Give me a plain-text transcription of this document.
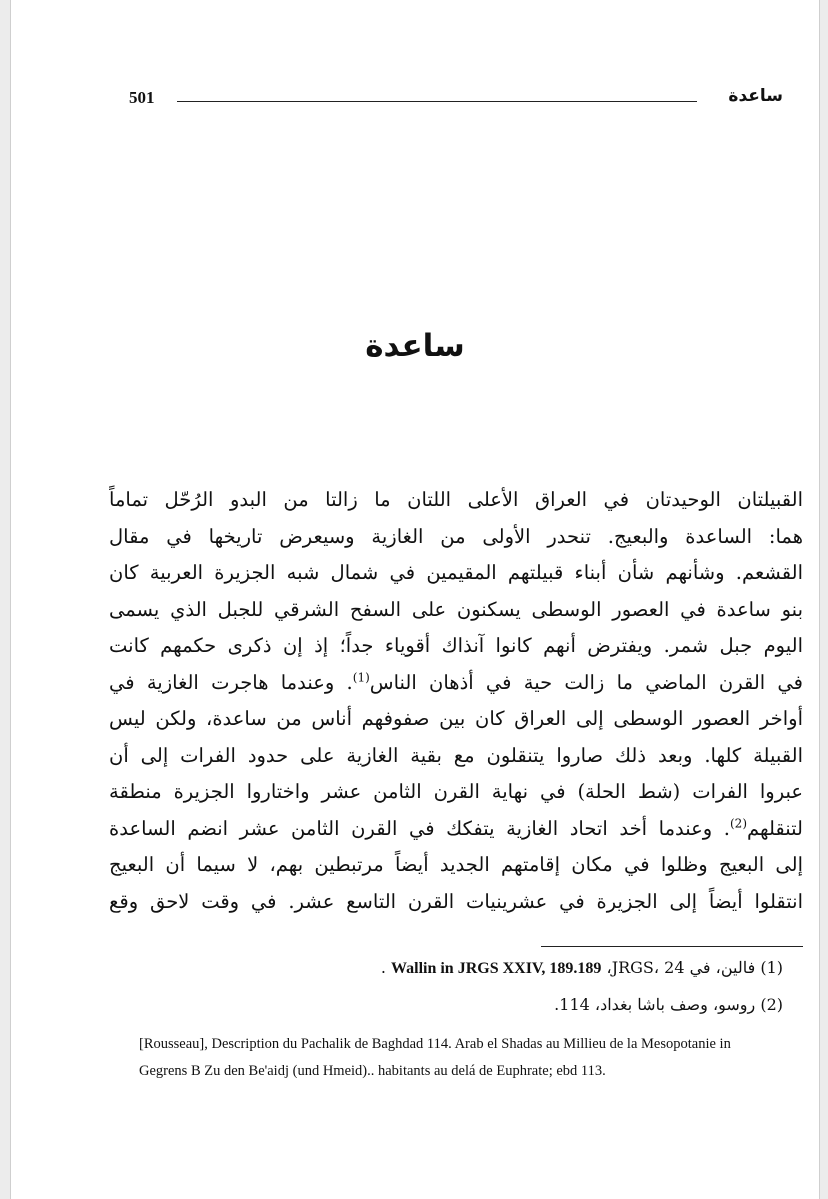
501	ساعدة
ساعدة
القبيلتان الوحيدتان في العراق الأعلى اللتان ما زالتا من البدو الرُحّل تماماً
هما: الساعدة والبعيج. تنحدر الأولى من الغازية وسيعرض تاريخها في مقال
القشعم. وشأنهم شأن أبناء قبيلتهم المقيمين في شمال شبه الجزيرة العربية كان
بنو ساعدة في العصور الوسطى يسكنون على السفح الشرقي للجبل الذي يسمى
اليوم جبل شمر. ويفترض أنهم كانوا آنذاك أقوياء جداً؛ إذ إن ذكرى حكمهم كانت
في القرن الماضي ما زالت حية في أذهان الناس$^{(1)}$. وعندما هاجرت الغازية في
أواخر العصور الوسطى إلى العراق كان بين صفوفهم أناس من ساعدة، ولكن ليس
القبيلة كلها. وبعد ذلك صاروا يتنقلون مع بقية الغازية على حدود الفرات إلى أن
عبروا الفرات (شط الحلة) في نهاية القرن الثامن عشر واختاروا الجزيرة منطقة
لتنقلهم$^{(2)}$. وعندما أخد اتحاد الغازية يتفكك في القرن الثامن عشر انضم الساعدة
إلى البعيج وظلوا في مكان إقامتهم الجديد أيضاً مرتبطين بهم، لا سيما أن البعيج
انتقلوا أيضاً إلى الجزيرة في عشرينيات القرن التاسع عشر. في وقت لاحق وقع
(1) فالين، في JRGS، 24، Wallin in JRGS XXIV, 189.189 .
(2) روسو، وصف باشا بغداد، 114.
[Rousseau], Description du Pachalik de Baghdad 114. Arab el Shadas au Millieu de la Mesopotanie in
Gegrens B Zu den Be'aidj (und Hmeid).. habitants au delá de Euphrate; ebd 113.
